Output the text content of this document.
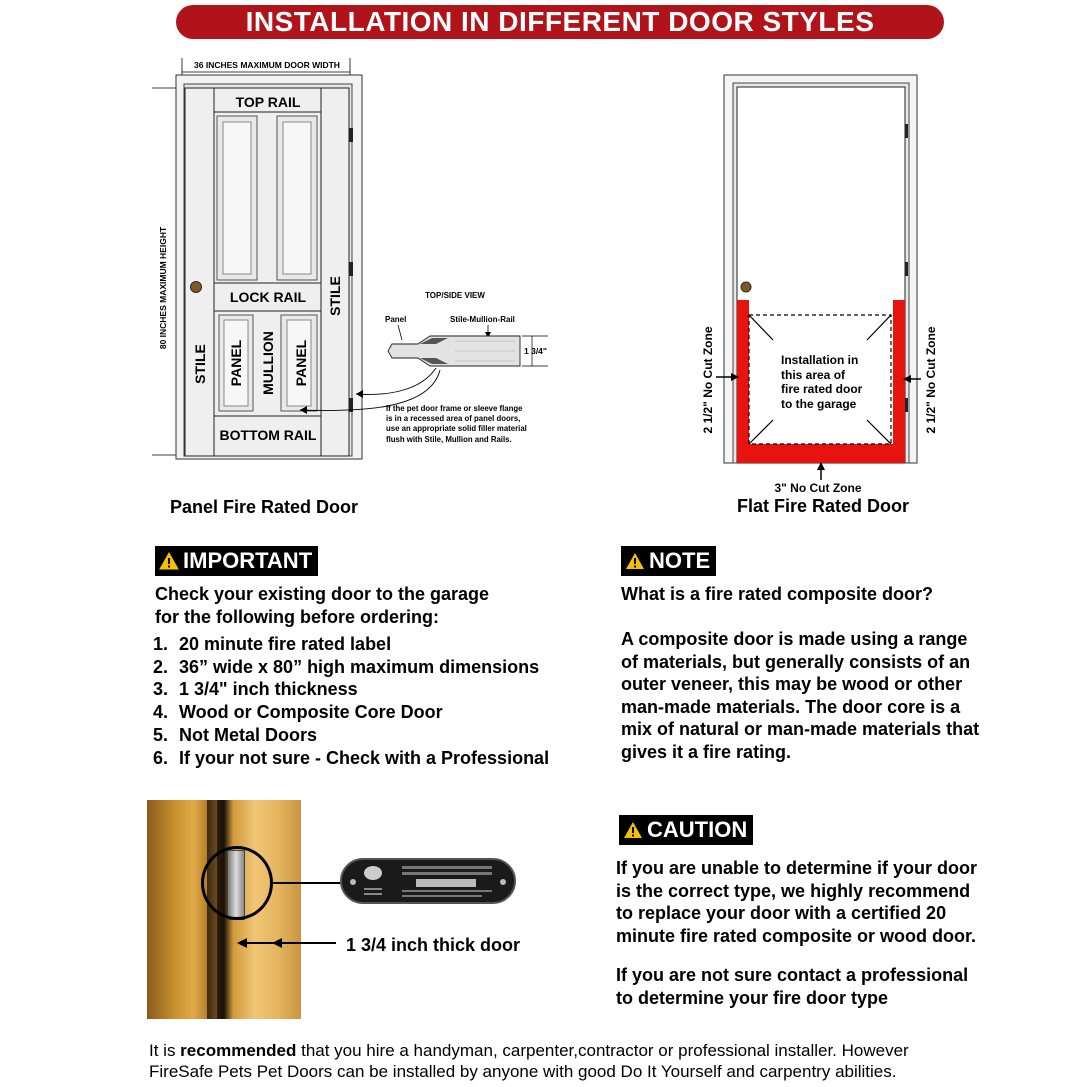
INSTALLATION IN DIFFERENT DOOR STYLES
36 INCHES MAXIMUM DOOR WIDTH
80 INCHES MAXIMUM HEIGHT
TOP RAIL
LOCK RAIL
BOTTOM RAIL
STILE
STILE PANEL MULLION PANEL
TOP/SIDE VIEW
Panel	Stile-Mullion-Rail
1 3/4"
If the pet door frame or sleeve flange
is in a recessed area of panel doors,
use an appropriate solid filler material
flush with Stile, Mullion and Rails.
Panel Fire Rated Door
Installation in
this area of
fire rated door
to the garage
2 1/2" No Cut Zone	2 1/2" No Cut Zone
3" No Cut Zone
Flat Fire Rated Door
IMPORTANT
Check your existing door to the garage
for the following before ordering:
1. 20 minute fire rated label
2. 36” wide x 80” high maximum dimensions
3. 1 3/4" inch thickness
4. Wood or Composite Core Door
5. Not Metal Doors
6. If your not sure - Check with a Professional
NOTE
What is a fire rated composite door?
A composite door is made using a range
of materials, but generally consists of an
outer veneer, this may be wood or other
man-made materials. The door core is a
mix of natural or man-made materials that
gives it a fire rating.
1 3/4 inch thick door
CAUTION
If you are unable to determine if your door
is the correct type, we highly recommend
to replace your door with a certified 20
minute fire rated composite or wood door.
If you are not sure contact a professional
to determine your fire door type
It is recommended that you hire a handyman, carpenter,contractor or professional installer. However
FireSafe Pets Pet Doors can be installed by anyone with good Do It Yourself and carpentry abilities.
